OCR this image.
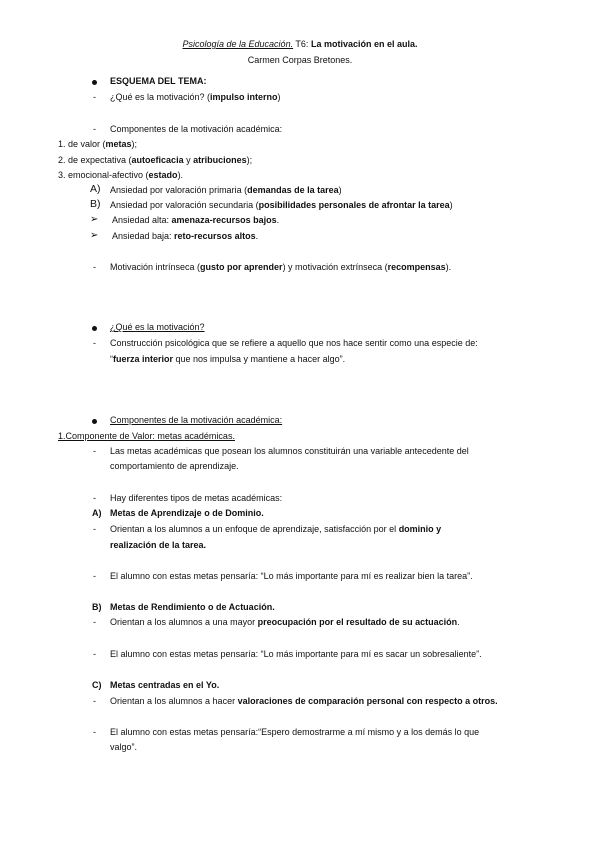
Psicología de la Educación. T6: La motivación en el aula.
Carmen Corpas Bretones.
ESQUEMA DEL TEMA:
- ¿Qué es la motivación? (impulso interno)
- Componentes de la motivación académica:
1. de valor (metas);
2. de expectativa (autoeficacia y atribuciones);
3. emocional-afectivo (estado).
A) Ansiedad por valoración primaria (demandas de la tarea)
B) Ansiedad por valoración secundaria (posibilidades personales de afrontar la tarea)
➢ Ansiedad alta: amenaza-recursos bajos.
➢ Ansiedad baja: reto-recursos altos.
- Motivación intrínseca (gusto por aprender) y motivación extrínseca (recompensas).
¿Qué es la motivación?
- Construcción psicológica que se refiere a aquello que nos hace sentir como una especie de:
“fuerza interior que nos impulsa y mantiene a hacer algo”.
Componentes de la motivación académica:
1.Componente de Valor: metas académicas.
- Las metas académicas que posean los alumnos constituirán una variable antecedente del
comportamiento de aprendizaje.
- Hay diferentes tipos de metas académicas:
A) Metas de Aprendizaje o de Dominio.
- Orientan a los alumnos a un enfoque de aprendizaje, satisfacción por el dominio y
realización de la tarea.
- El alumno con estas metas pensaría: “Lo más importante para mí es realizar bien la tarea”.
B) Metas de Rendimiento o de Actuación.
- Orientan a los alumnos a una mayor preocupación por el resultado de su actuación.
- El alumno con estas metas pensaría: “Lo más importante para mí es sacar un sobresaliente”.
C) Metas centradas en el Yo.
- Orientan a los alumnos a hacer valoraciones de comparación personal con respecto a otros.
- El alumno con estas metas pensaría:“Espero demostrarme a mí mismo y a los demás lo que
valgo”.
